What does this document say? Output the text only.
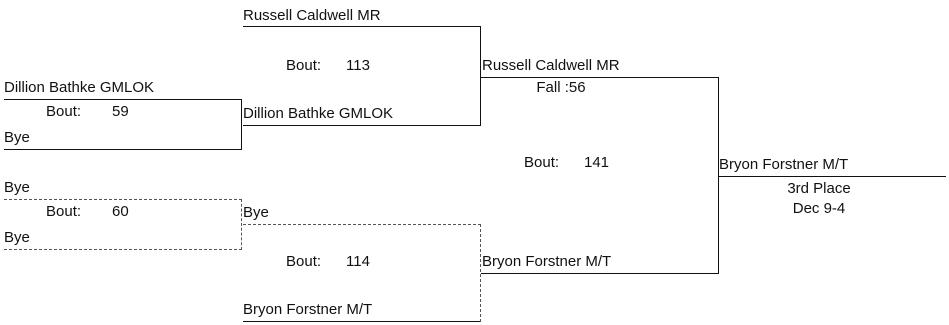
Dillion Bathke GMLOK
Bout: 59
Bye
Bye
Bout: 60
Bye
Russell Caldwell MR
Bout: 113
Dillion Bathke GMLOK
Bye
Bout: 114
Bryon Forstner M/T
Russell Caldwell MR
Fall :56
Bout: 141
Bryon Forstner M/T
Bryon Forstner M/T
3rd Place
Dec 9-4
